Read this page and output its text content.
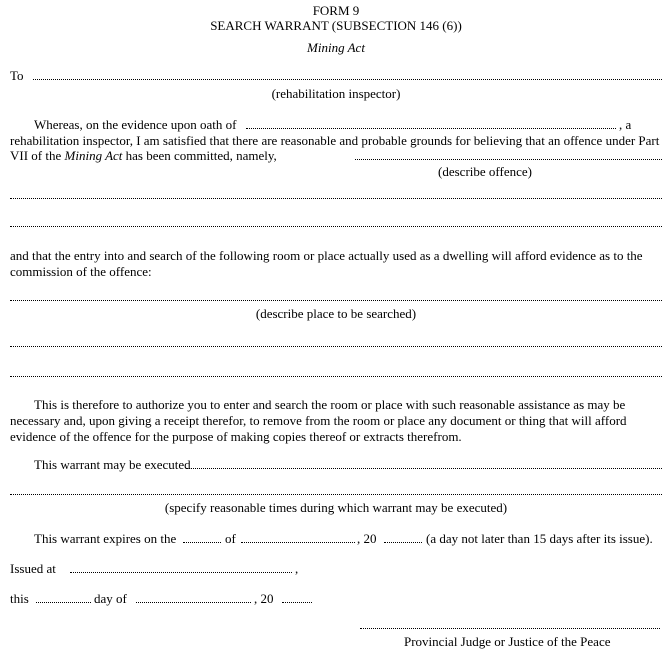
FORM 9
SEARCH WARRANT (SUBSECTION 146 (6))
Mining Act
To
(rehabilitation inspector)
Whereas, on the evidence upon oath of	, a
rehabilitation inspector, I am satisfied that there are reasonable and probable grounds for believing that an offence under Part
VII of the Mining Act has been committed, namely,
(describe offence)
and that the entry into and search of the following room or place actually used as a dwelling will afford evidence as to the commission of the offence:
(describe place to be searched)
This is therefore to authorize you to enter and search the room or place with such reasonable assistance as may be necessary and, upon giving a receipt therefor, to remove from the room or place any document or thing that will afford evidence of the offence for the purpose of making copies thereof or extracts therefrom.
This warrant may be executed
(specify reasonable times during which warrant may be executed)
This warrant expires on the	of	, 20	(a day not later than 15 days after its issue).
Issued at	,
this	day of	, 20
Provincial Judge or Justice of the Peace
